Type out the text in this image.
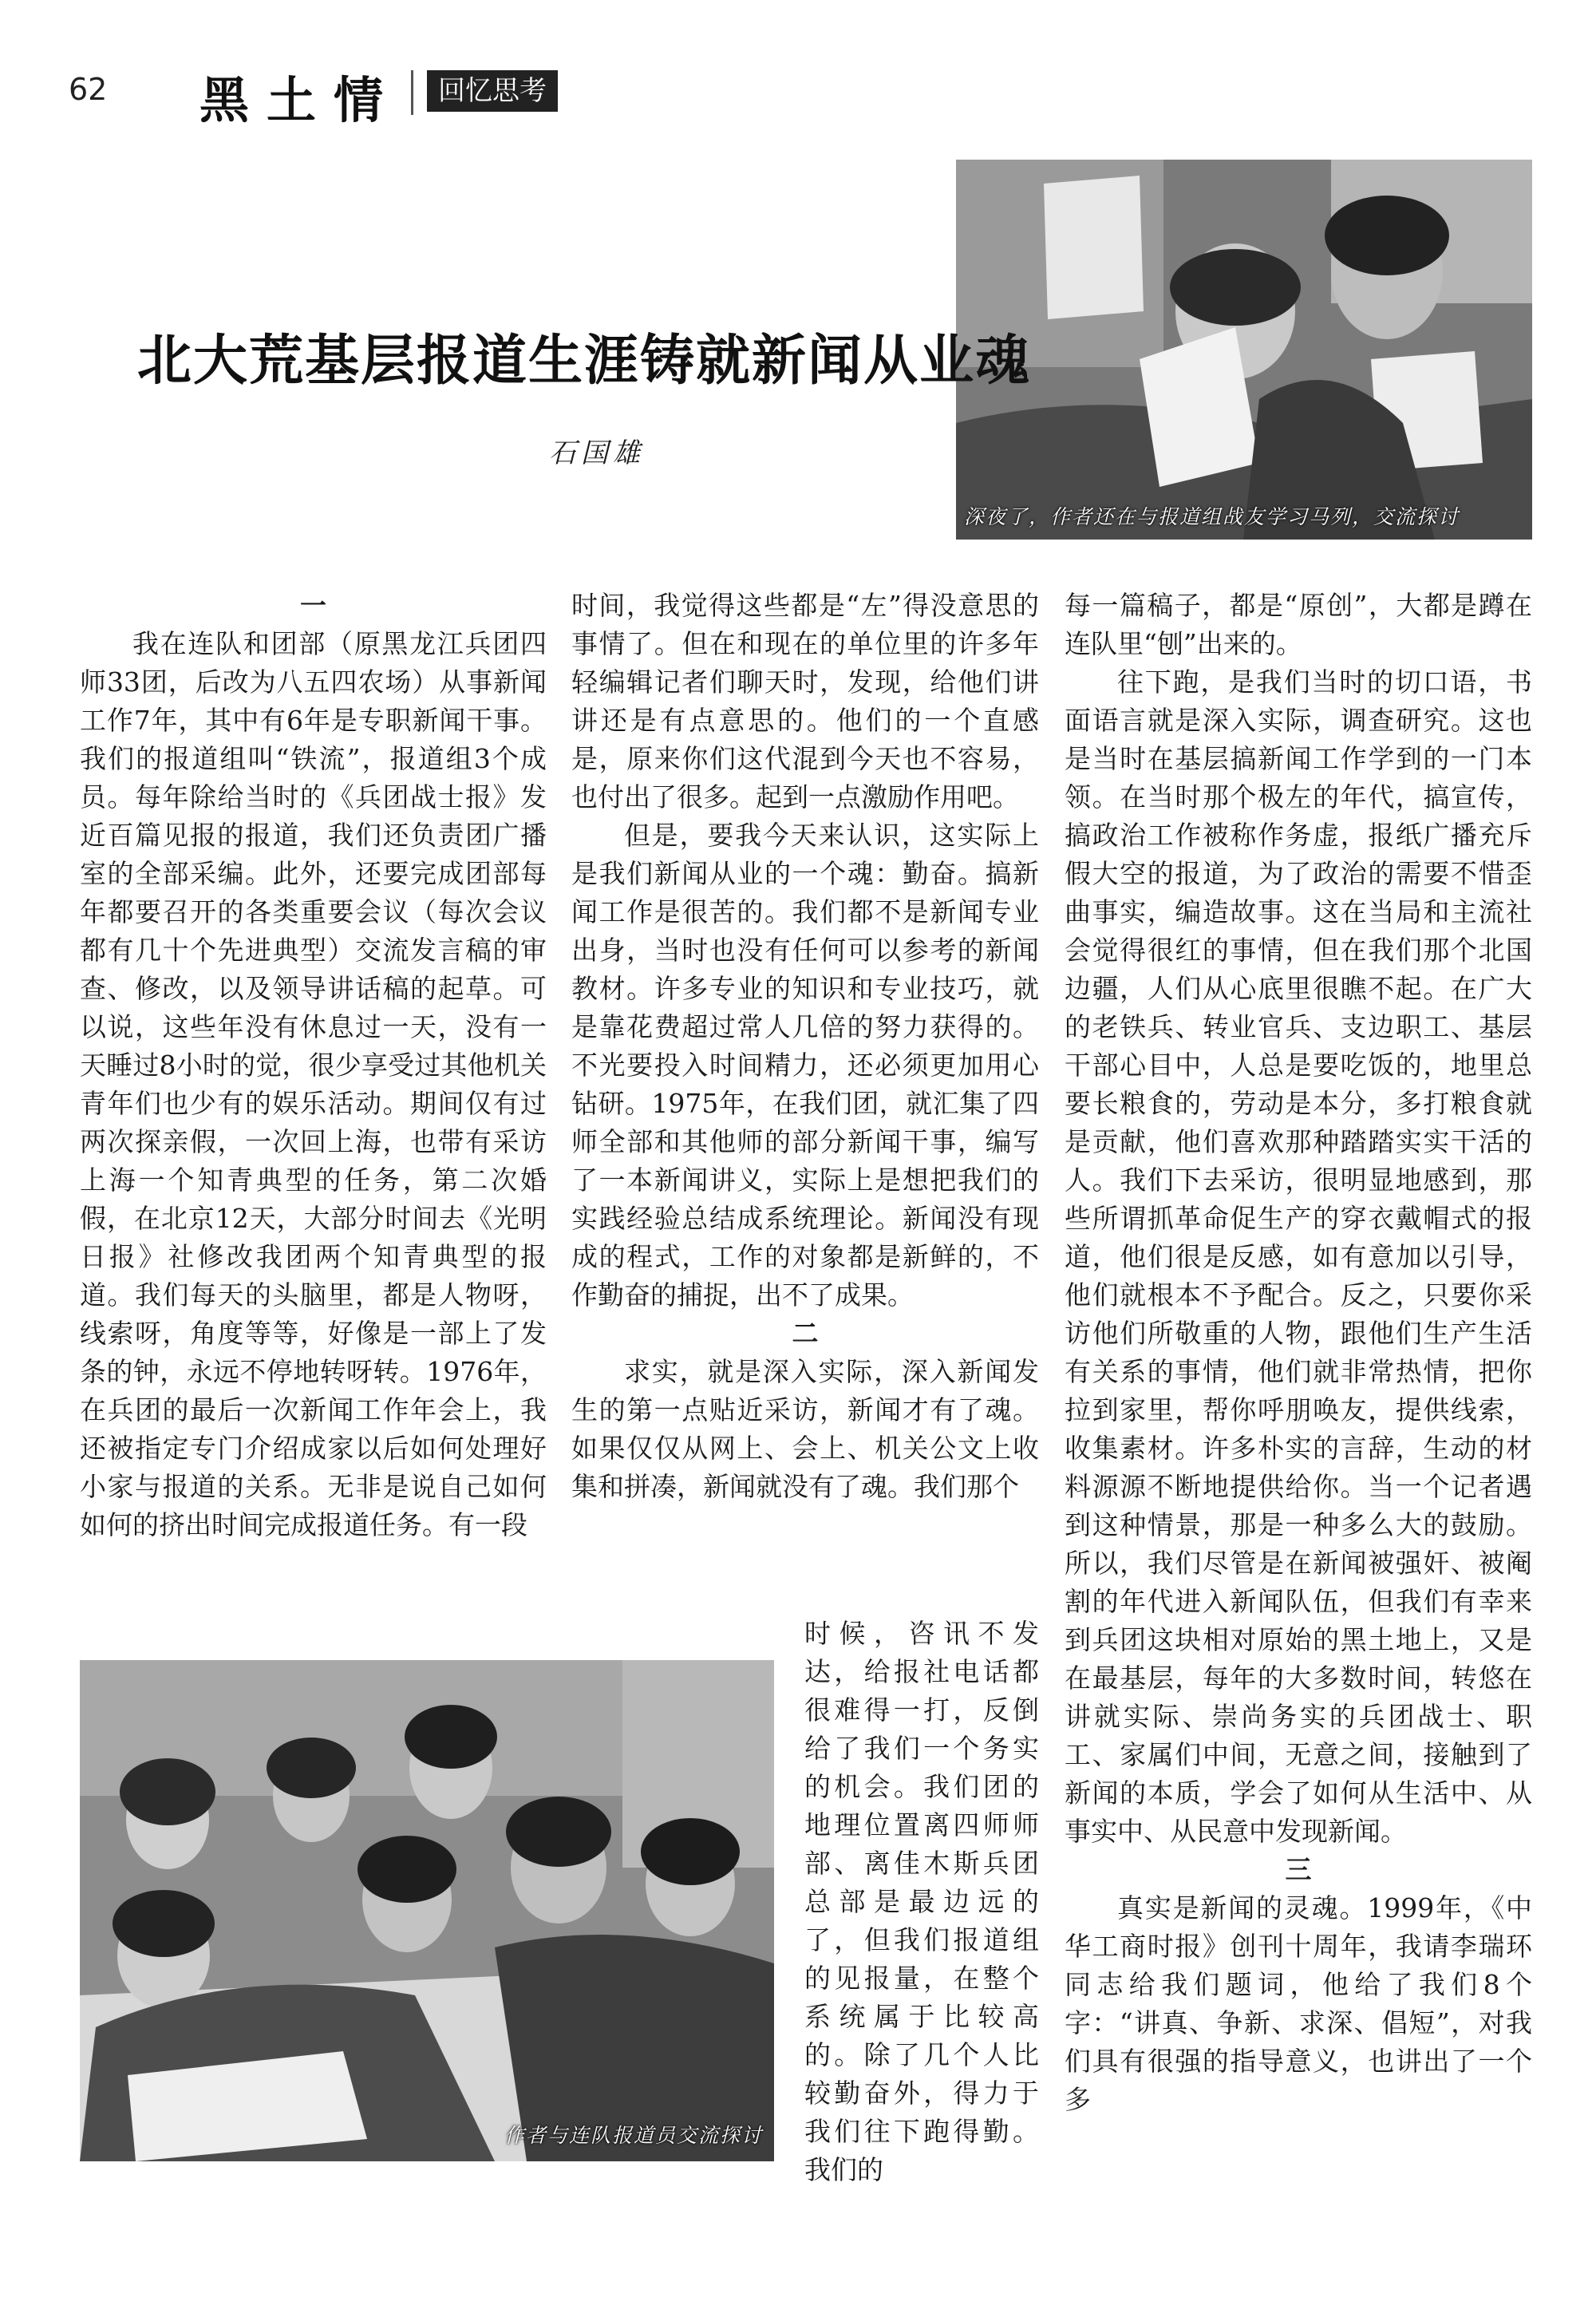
62 黑土情	回忆思考
深夜了，作者还在与报道组战友学习马列，交流探讨
北大荒基层报道生涯铸就新闻从业魂
石国雄

一

我在连队和团部（原黑龙江兵团四师33团，后改为八五四农场）从事新闻工作7年，其中有6年是专职新闻干事。我们的报道组叫“铁流”，报道组3个成员。每年除给当时的《兵团战士报》发近百篇见报的报道，我们还负责团广播室的全部采编。此外，还要完成团部每年都要召开的各类重要会议（每次会议都有几十个先进典型）交流发言稿的审查、修改，以及领导讲话稿的起草。可以说，这些年没有休息过一天，没有一天睡过8小时的觉，很少享受过其他机关青年们也少有的娱乐活动。期间仅有过两次探亲假，一次回上海，也带有采访上海一个知青典型的任务，第二次婚假，在北京12天，大部分时间去《光明日报》社修改我团两个知青典型的报道。我们每天的头脑里，都是人物呀，线索呀，角度等等，好像是一部上了发条的钟，永远不停地转呀转。1976年，在兵团的最后一次新闻工作年会上，我还被指定专门介绍成家以后如何处理好小家与报道的关系。无非是说自己如何如何的挤出时间完成报道任务。有一段

时间，我觉得这些都是“左”得没意思的事情了。但在和现在的单位里的许多年轻编辑记者们聊天时，发现，给他们讲讲还是有点意思的。他们的一个直感是，原来你们这代混到今天也不容易，也付出了很多。起到一点激励作用吧。

但是，要我今天来认识，这实际上是我们新闻从业的一个魂：勤奋。搞新闻工作是很苦的。我们都不是新闻专业出身，当时也没有任何可以参考的新闻教材。许多专业的知识和专业技巧，就是靠花费超过常人几倍的努力获得的。不光要投入时间精力，还必须更加用心钻研。1975年，在我们团，就汇集了四师全部和其他师的部分新闻干事，编写了一本新闻讲义，实际上是想把我们的实践经验总结成系统理论。新闻没有现成的程式，工作的对象都是新鲜的，不作勤奋的捕捉，出不了成果。

二

求实，就是深入实际，深入新闻发生的第一点贴近采访，新闻才有了魂。如果仅仅从网上、会上、机关公文上收集和拼凑，新闻就没有了魂。我们那个

时候，咨讯不发达，给报社电话都很难得一打，反倒给了我们一个务实的机会。我们团的地理位置离四师师部、离佳木斯兵团总部是最边远的了，但我们报道组的见报量，在整个系统属于比较高的。除了几个人比较勤奋外，得力于我们往下跑得勤。我们的

每一篇稿子，都是“原创”，大都是蹲在连队里“刨”出来的。

往下跑，是我们当时的切口语，书面语言就是深入实际，调查研究。这也是当时在基层搞新闻工作学到的一门本领。在当时那个极左的年代，搞宣传，搞政治工作被称作务虚，报纸广播充斥假大空的报道，为了政治的需要不惜歪曲事实，编造故事。这在当局和主流社会觉得很红的事情，但在我们那个北国边疆，人们从心底里很瞧不起。在广大的老铁兵、转业官兵、支边职工、基层干部心目中，人总是要吃饭的，地里总要长粮食的，劳动是本分，多打粮食就是贡献，他们喜欢那种踏踏实实干活的人。我们下去采访，很明显地感到，那些所谓抓革命促生产的穿衣戴帽式的报道，他们很是反感，如有意加以引导，他们就根本不予配合。反之，只要你采访他们所敬重的人物，跟他们生产生活有关系的事情，他们就非常热情，把你拉到家里，帮你呼朋唤友，提供线索，收集素材。许多朴实的言辞，生动的材料源源不断地提供给你。当一个记者遇到这种情景，那是一种多么大的鼓励。所以，我们尽管是在新闻被强奸、被阉割的年代进入新闻队伍，但我们有幸来到兵团这块相对原始的黑土地上，又是在最基层，每年的大多数时间，转悠在讲就实际、崇尚务实的兵团战士、职工、家属们中间，无意之间，接触到了新闻的本质，学会了如何从生活中、从事实中、从民意中发现新闻。

三

真实是新闻的灵魂。1999年，《中华工商时报》创刊十周年，我请李瑞环同志给我们题词，他给了我们8个字：“讲真、争新、求深、倡短”，对我们具有很强的指导意义，也讲出了一个多

作者与连队报道员交流探讨
